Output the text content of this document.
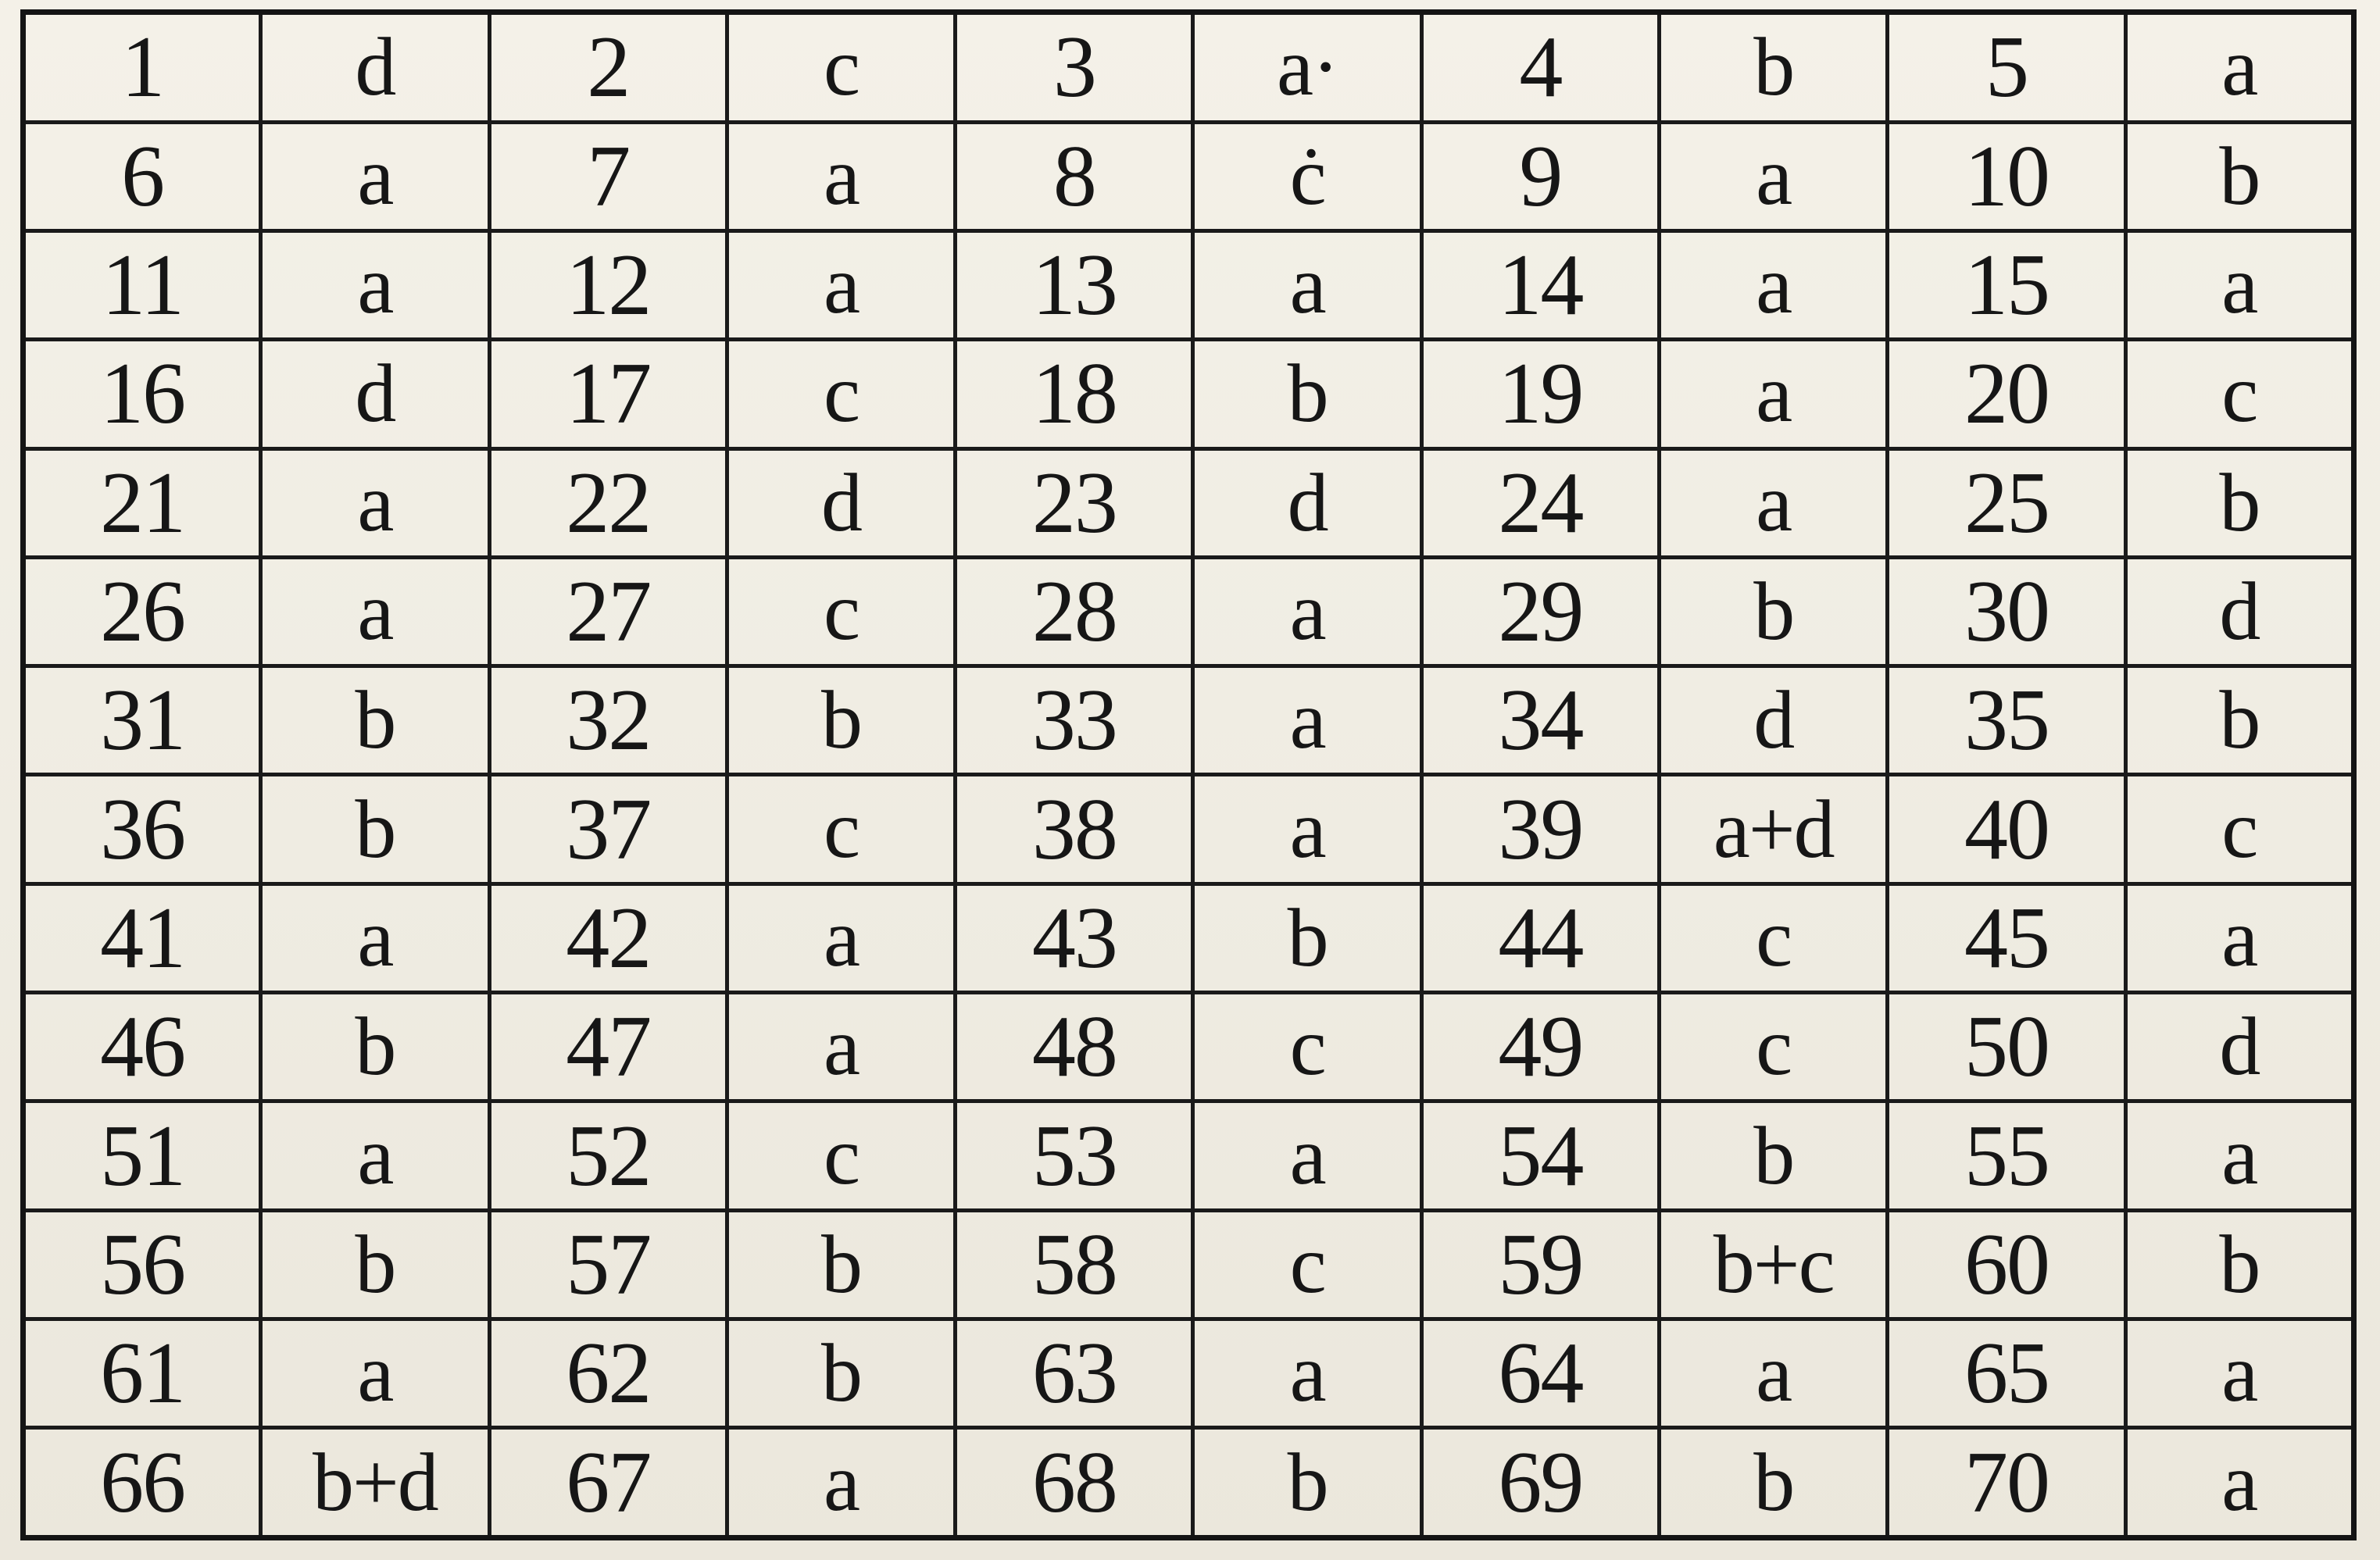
1	d	2	c	3	a·	4	b	5	a
6	a	7	a	8	ċ	9	a	10	b
11	a	12	a	13	a	14	a	15	a
16	d	17	c	18	b	19	a	20	c
21	a	22	d	23	d	24	a	25	b
26	a	27	c	28	a	29	b	30	d
31	b	32	b	33	a	34	d	35	b
36	b	37	c	38	a	39	a+d	40	c
41	a	42	a	43	b	44	c	45	a
46	b	47	a	48	c	49	c	50	d
51	a	52	c	53	a	54	b	55	a
56	b	57	b	58	c	59	b+c	60	b
61	a	62	b	63	a	64	a	65	a
66	b+d	67	a	68	b	69	b	70	a
